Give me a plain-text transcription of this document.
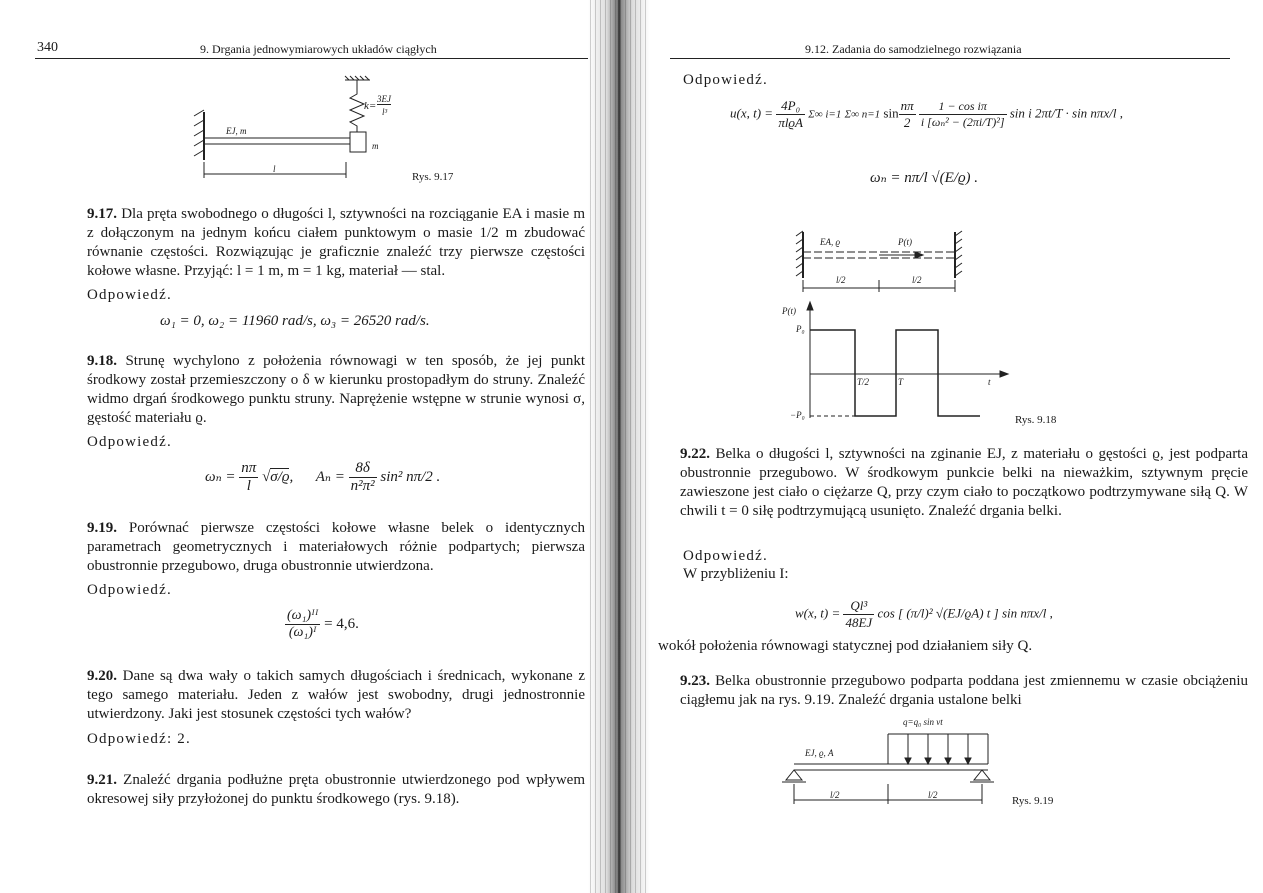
340	9. Drgania jednowymiarowych układów ciągłych
k=
3EJ
l³
EJ, m
m
l
Rys. 9.17
9.17. Dla pręta swobodnego o długości l, sztywności na rozciąganie EA i masie m z dołączonym na jednym końcu ciałem punktowym o masie 1/2 m zbudować równanie częstości. Rozwiązując je graficznie znaleźć trzy pierwsze częstości kołowe własne. Przyjąć: l = 1 m, m = 1 kg, materiał — stal.
Odpowiedź.
ω₁ = 0, ω₂ = 11960 rad/s, ω₃ = 26520 rad/s.
9.18. Strunę wychylono z położenia równowagi w ten sposób, że jej punkt środkowy został przemieszczony o δ w kierunku prostopadłym do struny. Znaleźć widmo drgań środkowego punktu struny. Naprężenie wstępne w strunie wynosi σ, gęstość materiału ϱ.
Odpowiedź.
$\omega_n = \frac{n\pi}{l} √\sigma/ϱ$,      $A_n = \frac{8\delta}{\text{n²π²}} \sin^2$ nπ/2 .
9.19. Porównać pierwsze częstości kołowe własne belek o identycznych parametrach geometrycznych i materiałowych różnie podpartych; pierwsza obustronnie przegubowo, druga obustronnie utwierdzona.
Odpowiedź.
$\frac{\text{(ω₁)ᴵᴵ}}{\text{(ω₁)ᴵ}} = 4,6$.
9.20. Dane są dwa wały o takich samych długościach i średnicach, wykonane z tego samego materiału. Jeden z wałów jest swobodny, drugi jednostronnie utwierdzony. Jaki jest stosunek częstości tych wałów?
Odpowiedź: 2.
9.21. Znaleźć drgania podłużne pręta obustronnie utwierdzonego pod wpływem okresowej siły przyłożonej do punktu środkowego (rys. 9.18).
9.12. Zadania do samodzielnego rozwiązania
Odpowiedź.
u(x, $t) = \frac{\text{4P₀}}{\text{πlϱA}} \Sigma\infty$ i=1 Σ∞ n=1 $\sin \frac{n\pi}{2}$
$\frac{\text{1 − cos iπ}}{\text{i [ωₙ² − (2πi/T)²]}}$ sin i 2πt/T · sin nπx/l ,
ωₙ = nπ/l √(E/ϱ) .
EA, ϱ	P(t)
l/2	l/2
P(t)
P₀
−P₀
T/2	T	t
Rys. 9.18
9.22. Belka o długości l, sztywności na zginanie EJ, z materiału o gęstości ϱ, jest podparta obustronnie przegubowo. W środkowym punkcie belki na nieważkim, sztywnym pręcie zawieszone jest ciało o ciężarze Q, przy czym ciało to początkowo podtrzymywane siłą Q. W chwili t = 0 siłę podtrzymującą usunięto. Znaleźć drgania belki.
Odpowiedź.
W przybliżeniu I:
w(x, $t) = \frac{\text{Ql³}}{48EJ}$ cos [ (π/l)² √(EJ/ϱA) t ] sin nπx/l ,
wokół położenia równowagi statycznej pod działaniem siły Q.
9.23. Belka obustronnie przegubowo podparta poddana jest zmiennemu w czasie obciążeniu ciągłemu jak na rys. 9.19. Znaleźć drgania ustalone belki
q=q₀ sin νt
EJ, ϱ, A
l/2	l/2	Rys. 9.19
